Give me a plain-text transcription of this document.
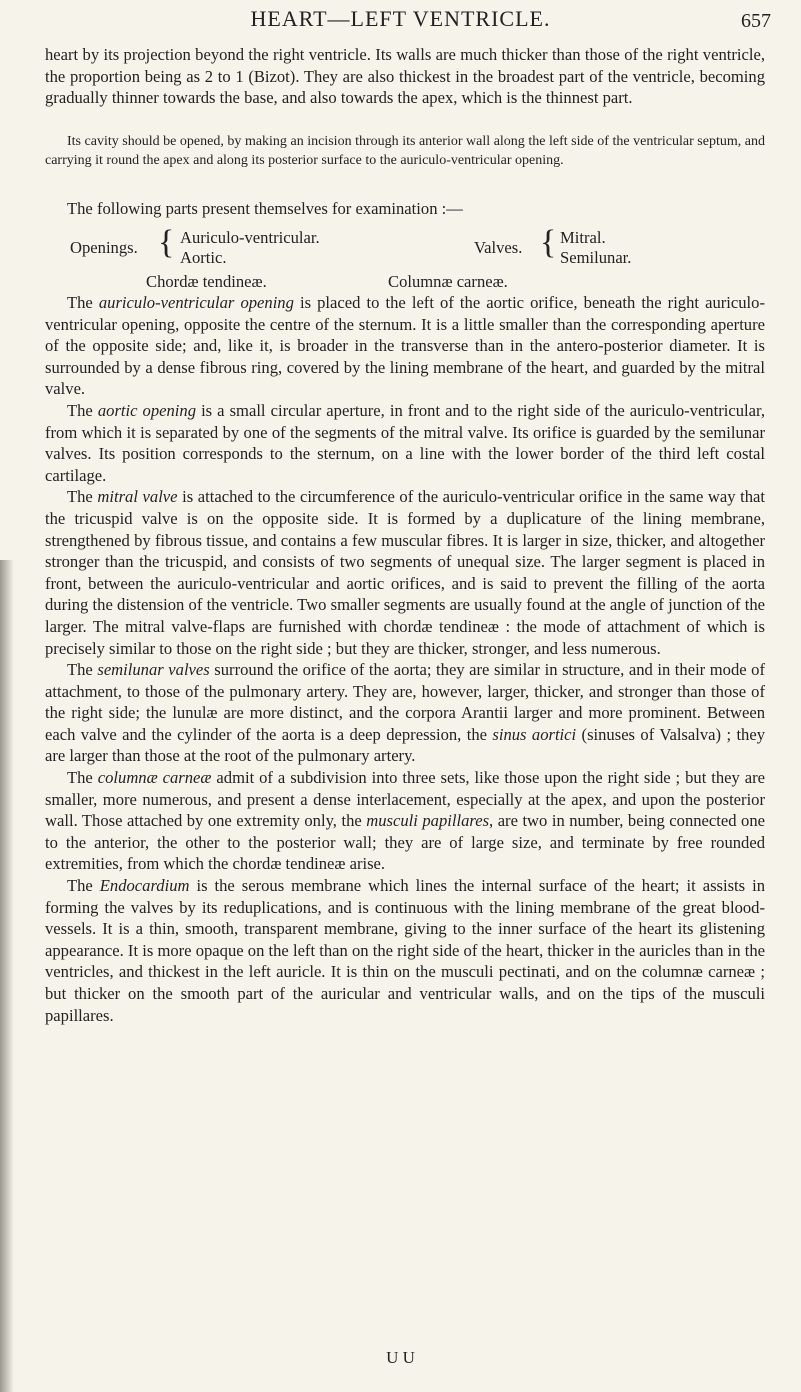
HEART—LEFT VENTRICLE.	657

heart by its projection beyond the right ventricle. Its walls are much thicker than those of the right ventricle, the proportion being as 2 to 1 (Bizot). They are also thickest in the broadest part of the ventricle, becoming gradually thinner towards the base, and also towards the apex, which is the thinnest part.

Its cavity should be opened, by making an incision through its anterior wall along the left side of the ventricular septum, and carrying it round the apex and along its posterior surface to the auriculo-ventricular opening.

The following parts present themselves for examination :—

Openings. { Auriculo-ventricular.
Aortic.
Valves. { Mitral.
Semilunar.
Chordæ tendineæ.	Columnæ carneæ.

The auriculo-ventricular opening is placed to the left of the aortic orifice, beneath the right auriculo-ventricular opening, opposite the centre of the sternum. It is a little smaller than the corresponding aperture of the opposite side; and, like it, is broader in the transverse than in the antero-posterior diameter. It is surrounded by a dense fibrous ring, covered by the lining membrane of the heart, and guarded by the mitral valve.

The aortic opening is a small circular aperture, in front and to the right side of the auriculo-ventricular, from which it is separated by one of the segments of the mitral valve. Its orifice is guarded by the semilunar valves. Its position corresponds to the sternum, on a line with the lower border of the third left costal cartilage.

The mitral valve is attached to the circumference of the auriculo-ventricular orifice in the same way that the tricuspid valve is on the opposite side. It is formed by a duplicature of the lining membrane, strengthened by fibrous tissue, and contains a few muscular fibres. It is larger in size, thicker, and altogether stronger than the tricuspid, and consists of two segments of unequal size. The larger segment is placed in front, between the auriculo-ventricular and aortic orifices, and is said to prevent the filling of the aorta during the distension of the ventricle. Two smaller segments are usually found at the angle of junction of the larger. The mitral valve-flaps are furnished with chordæ tendineæ : the mode of attachment of which is precisely similar to those on the right side ; but they are thicker, stronger, and less numerous.

The semilunar valves surround the orifice of the aorta; they are similar in structure, and in their mode of attachment, to those of the pulmonary artery. They are, however, larger, thicker, and stronger than those of the right side; the lunulæ are more distinct, and the corpora Arantii larger and more prominent. Between each valve and the cylinder of the aorta is a deep depression, the sinus aortici (sinuses of Valsalva) ; they are larger than those at the root of the pulmonary artery.

The columnæ carneæ admit of a subdivision into three sets, like those upon the right side ; but they are smaller, more numerous, and present a dense interlacement, especially at the apex, and upon the posterior wall. Those attached by one extremity only, the musculi papillares, are two in number, being connected one to the anterior, the other to the posterior wall; they are of large size, and terminate by free rounded extremities, from which the chordæ tendineæ arise.

The Endocardium is the serous membrane which lines the internal surface of the heart; it assists in forming the valves by its reduplications, and is continuous with the lining membrane of the great blood-vessels. It is a thin, smooth, transparent membrane, giving to the inner surface of the heart its glistening appearance. It is more opaque on the left than on the right side of the heart, thicker in the auricles than in the ventricles, and thickest in the left auricle. It is thin on the musculi pectinati, and on the columnæ carneæ ; but thicker on the smooth part of the auricular and ventricular walls, and on the tips of the musculi papillares.

U U
